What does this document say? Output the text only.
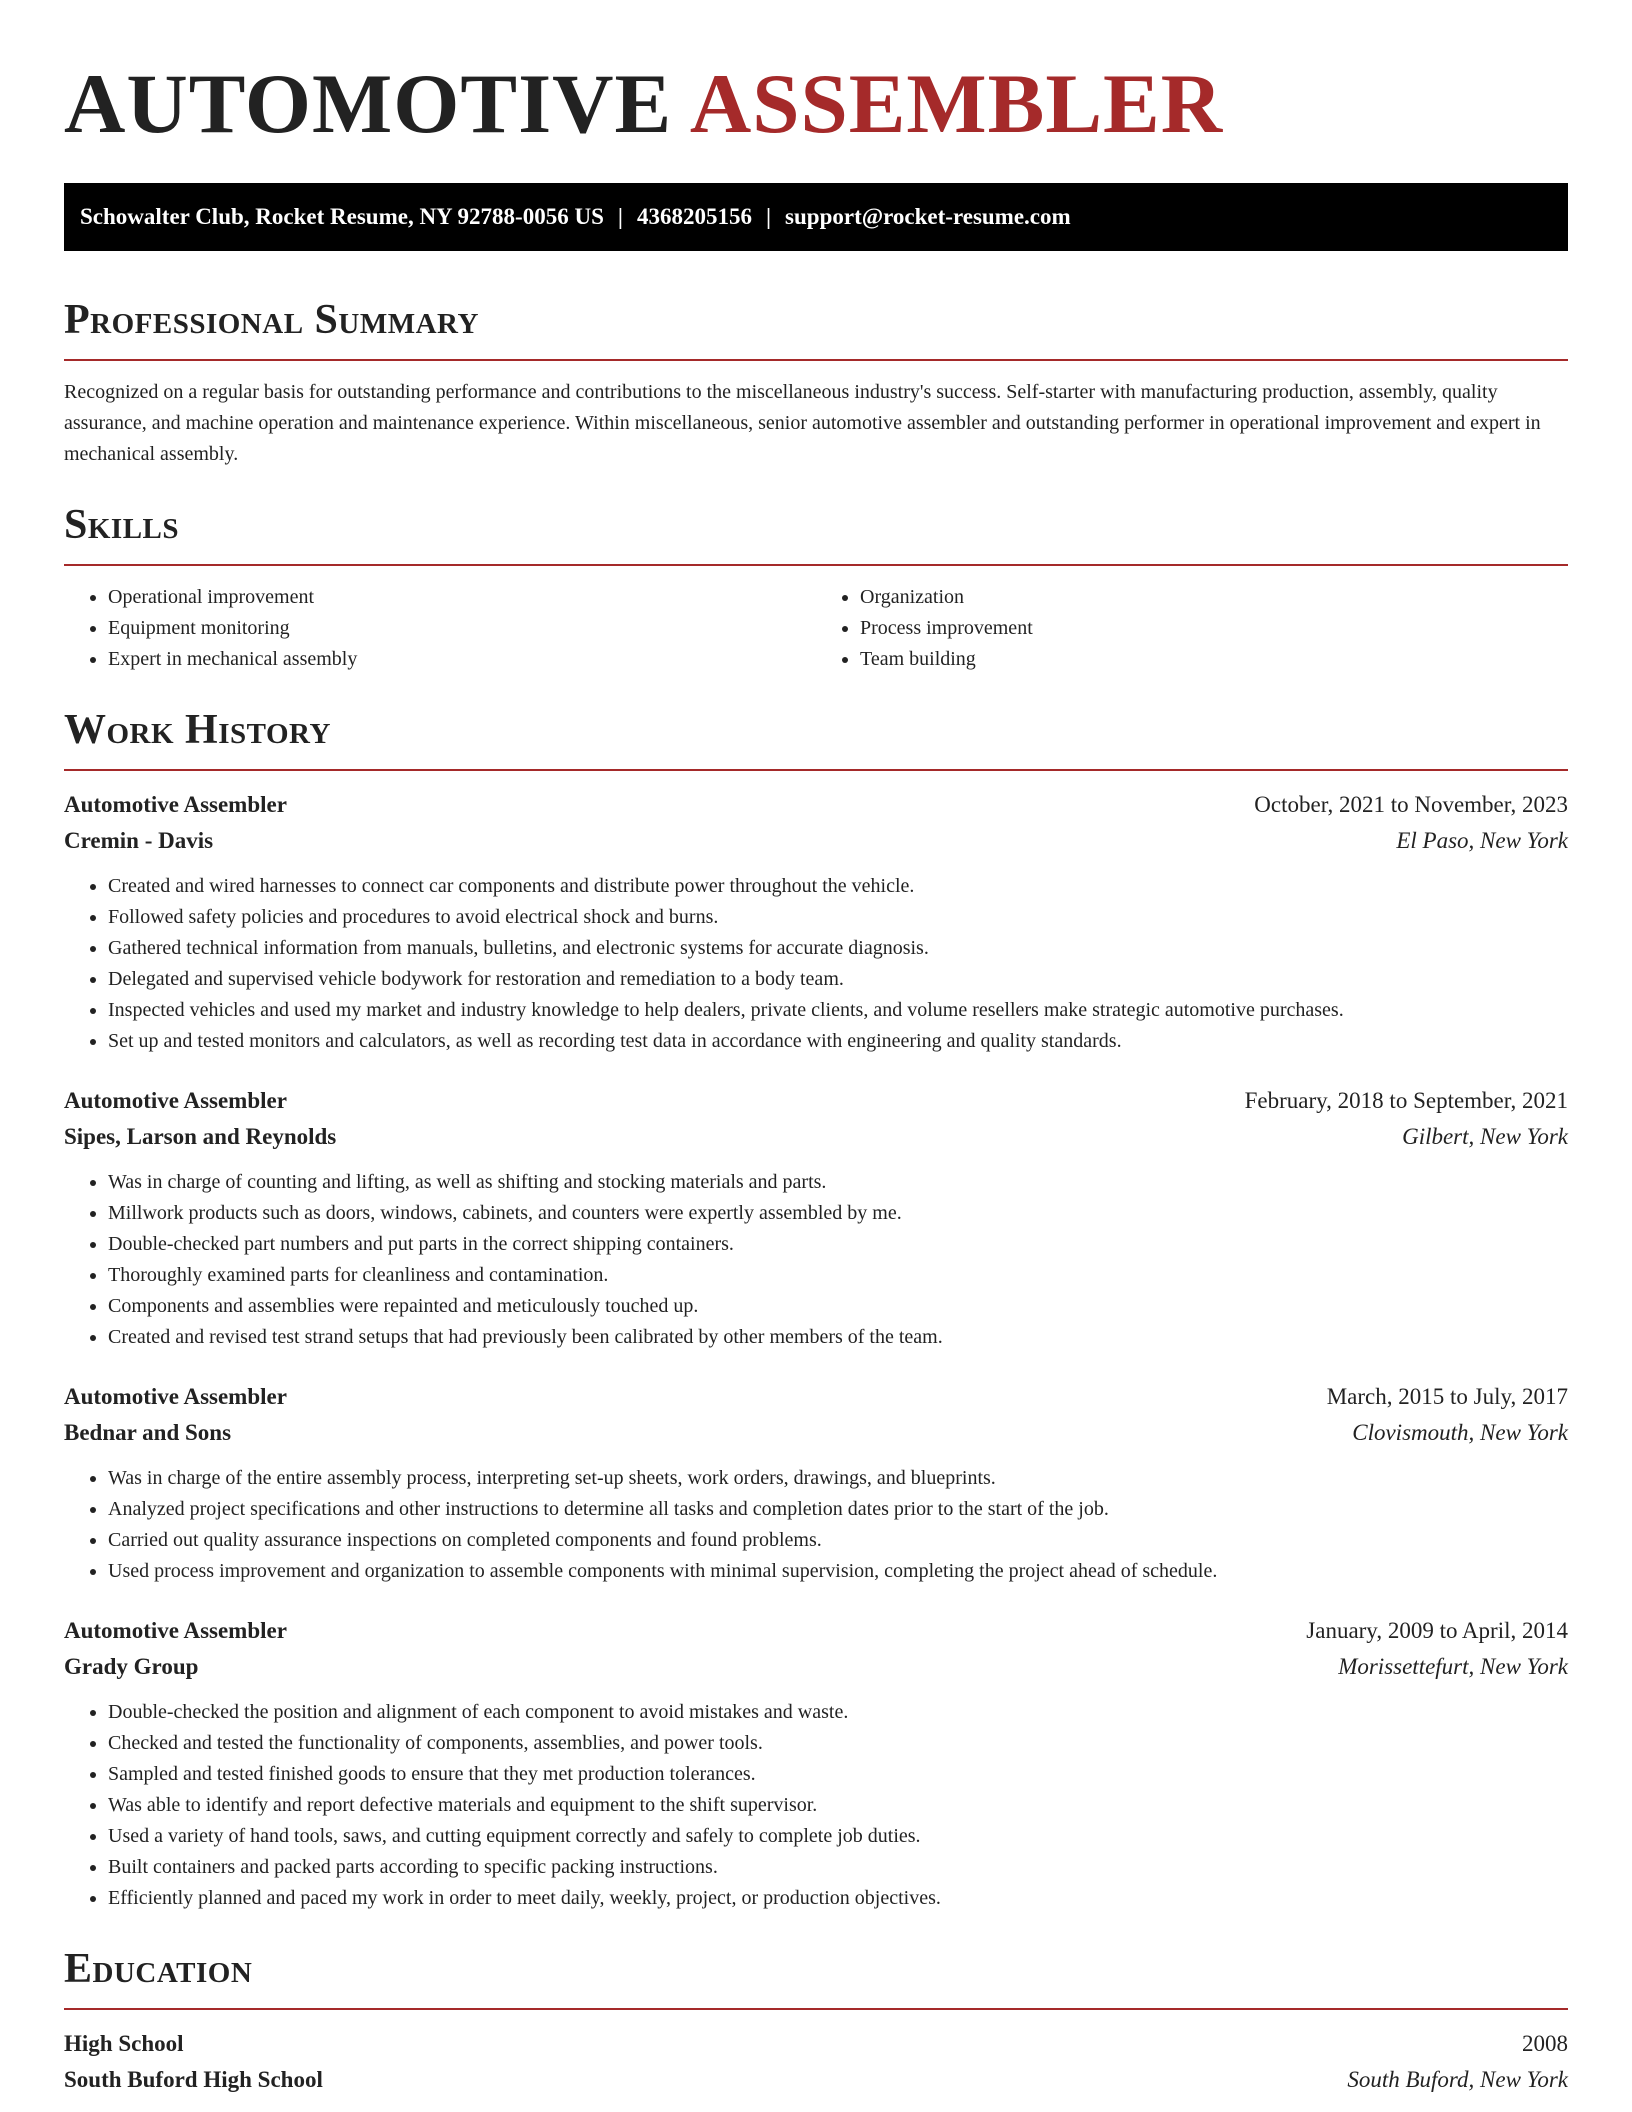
AUTOMOTIVE ASSEMBLER
Schowalter Club, Rocket Resume, NY 92788-0056 US | 4368205156 | support@rocket-resume.com
Professional Summary
Recognized on a regular basis for outstanding performance and contributions to the miscellaneous industry's success. Self-starter with manufacturing production, assembly, quality assurance, and machine operation and maintenance experience. Within miscellaneous, senior automotive assembler and outstanding performer in operational improvement and expert in mechanical assembly.
Skills
• Operational improvement
• Equipment monitoring
• Expert in mechanical assembly
• Organization
• Process improvement
• Team building
Work History
Automotive Assembler	October, 2021 to November, 2023
Cremin - Davis	El Paso, New York
• Created and wired harnesses to connect car components and distribute power throughout the vehicle.
• Followed safety policies and procedures to avoid electrical shock and burns.
• Gathered technical information from manuals, bulletins, and electronic systems for accurate diagnosis.
• Delegated and supervised vehicle bodywork for restoration and remediation to a body team.
• Inspected vehicles and used my market and industry knowledge to help dealers, private clients, and volume resellers make strategic automotive purchases.
• Set up and tested monitors and calculators, as well as recording test data in accordance with engineering and quality standards.
Automotive Assembler	February, 2018 to September, 2021
Sipes, Larson and Reynolds	Gilbert, New York
• Was in charge of counting and lifting, as well as shifting and stocking materials and parts.
• Millwork products such as doors, windows, cabinets, and counters were expertly assembled by me.
• Double-checked part numbers and put parts in the correct shipping containers.
• Thoroughly examined parts for cleanliness and contamination.
• Components and assemblies were repainted and meticulously touched up.
• Created and revised test strand setups that had previously been calibrated by other members of the team.
Automotive Assembler	March, 2015 to July, 2017
Bednar and Sons	Clovismouth, New York
• Was in charge of the entire assembly process, interpreting set-up sheets, work orders, drawings, and blueprints.
• Analyzed project specifications and other instructions to determine all tasks and completion dates prior to the start of the job.
• Carried out quality assurance inspections on completed components and found problems.
• Used process improvement and organization to assemble components with minimal supervision, completing the project ahead of schedule.
Automotive Assembler	January, 2009 to April, 2014
Grady Group	Morissettefurt, New York
• Double-checked the position and alignment of each component to avoid mistakes and waste.
• Checked and tested the functionality of components, assemblies, and power tools.
• Sampled and tested finished goods to ensure that they met production tolerances.
• Was able to identify and report defective materials and equipment to the shift supervisor.
• Used a variety of hand tools, saws, and cutting equipment correctly and safely to complete job duties.
• Built containers and packed parts according to specific packing instructions.
• Efficiently planned and paced my work in order to meet daily, weekly, project, or production objectives.
Education
High School	2008
South Buford High School	South Buford, New York
